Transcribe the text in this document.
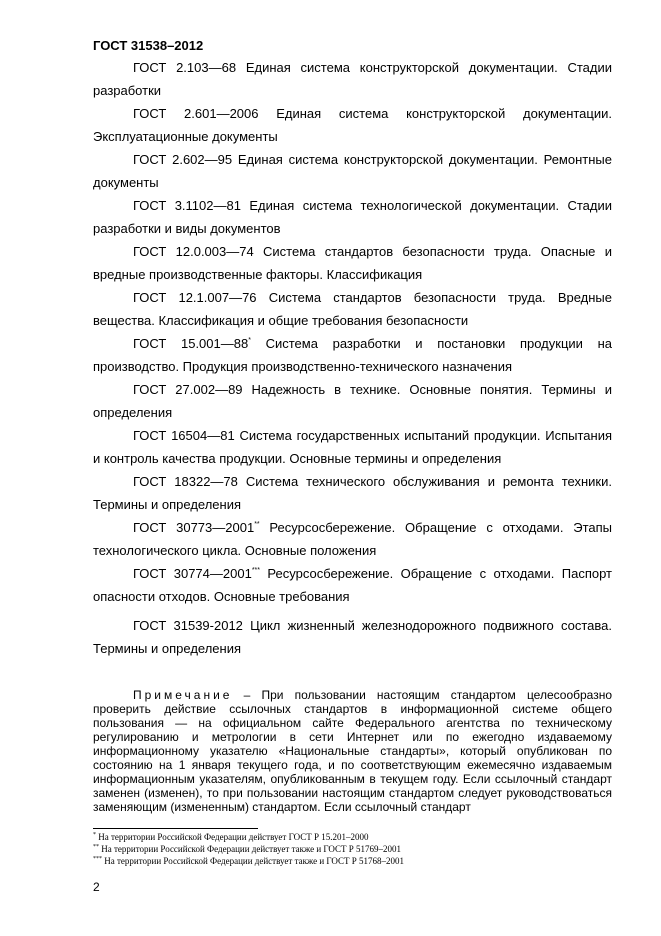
ГОСТ 31538–2012

ГОСТ 2.103—68 Единая система конструкторской документации. Стадии разработки

ГОСТ 2.601—2006 Единая система конструкторской документации. Эксплуатационные документы

ГОСТ 2.602—95 Единая система конструкторской документации. Ремонтные документы

ГОСТ 3.1102—81 Единая система технологической документации. Стадии разработки и виды документов

ГОСТ 12.0.003—74 Система стандартов безопасности труда. Опасные и вредные производственные факторы. Классификация

ГОСТ 12.1.007—76 Система стандартов безопасности труда. Вредные вещества. Классификация и общие требования безопасности

ГОСТ 15.001—88* Система разработки и постановки продукции на производство. Продукция производственно-технического назначения

ГОСТ 27.002—89 Надежность в технике. Основные понятия. Термины и определения

ГОСТ 16504—81 Система государственных испытаний продукции. Испытания и контроль качества продукции. Основные термины и определения

ГОСТ 18322—78 Система технического обслуживания и ремонта техники. Термины и определения

ГОСТ 30773—2001** Ресурсосбережение. Обращение с отходами. Этапы технологического цикла. Основные положения

ГОСТ 30774—2001*** Ресурсосбережение. Обращение с отходами. Паспорт опасности отходов. Основные требования

ГОСТ 31539-2012 Цикл жизненный железнодорожного подвижного состава. Термины и определения

Примечание – При пользовании настоящим стандартом целесообразно проверить действие ссылочных стандартов в информационной системе общего пользования — на официальном сайте Федерального агентства по техническому регулированию и метрологии в сети Интернет или по ежегодно издаваемому информационному указателю «Национальные стандарты», который опубликован по состоянию на 1 января текущего года, и по соответствующим ежемесячно издаваемым информационным указателям, опубликованным в текущем году. Если ссылочный стандарт заменен (изменен), то при пользовании настоящим стандартом следует руководствоваться заменяющим (измененным) стандартом. Если ссылочный стандарт

* На территории Российской Федерации действует ГОСТ Р 15.201–2000
** На территории Российской Федерации действует также и ГОСТ Р 51769–2001
*** На территории Российской Федерации действует также и ГОСТ Р 51768–2001
2
